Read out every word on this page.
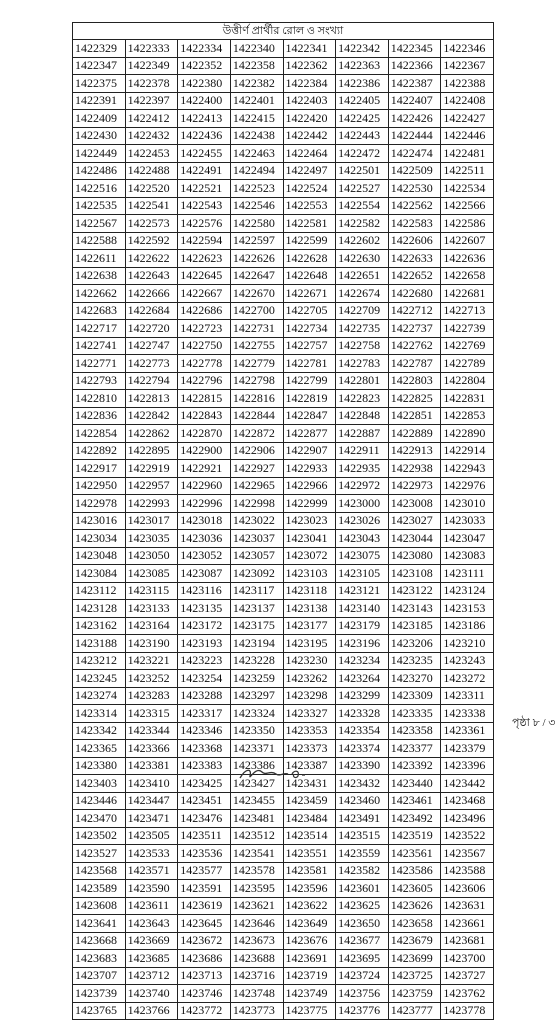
উত্তীর্ণ প্রার্থীর রোল ও সংখ্যা
1422329	1422333	1422334	1422340	1422341	1422342	1422345	1422346
1422347	1422349	1422352	1422358	1422362	1422363	1422366	1422367
1422375	1422378	1422380	1422382	1422384	1422386	1422387	1422388
1422391	1422397	1422400	1422401	1422403	1422405	1422407	1422408
1422409	1422412	1422413	1422415	1422420	1422425	1422426	1422427
1422430	1422432	1422436	1422438	1422442	1422443	1422444	1422446
1422449	1422453	1422455	1422463	1422464	1422472	1422474	1422481
1422486	1422488	1422491	1422494	1422497	1422501	1422509	1422511
1422516	1422520	1422521	1422523	1422524	1422527	1422530	1422534
1422535	1422541	1422543	1422546	1422553	1422554	1422562	1422566
1422567	1422573	1422576	1422580	1422581	1422582	1422583	1422586
1422588	1422592	1422594	1422597	1422599	1422602	1422606	1422607
1422611	1422622	1422623	1422626	1422628	1422630	1422633	1422636
1422638	1422643	1422645	1422647	1422648	1422651	1422652	1422658
1422662	1422666	1422667	1422670	1422671	1422674	1422680	1422681
1422683	1422684	1422686	1422700	1422705	1422709	1422712	1422713
1422717	1422720	1422723	1422731	1422734	1422735	1422737	1422739
1422741	1422747	1422750	1422755	1422757	1422758	1422762	1422769
1422771	1422773	1422778	1422779	1422781	1422783	1422787	1422789
1422793	1422794	1422796	1422798	1422799	1422801	1422803	1422804
1422810	1422813	1422815	1422816	1422819	1422823	1422825	1422831
1422836	1422842	1422843	1422844	1422847	1422848	1422851	1422853
1422854	1422862	1422870	1422872	1422877	1422887	1422889	1422890
1422892	1422895	1422900	1422906	1422907	1422911	1422913	1422914
1422917	1422919	1422921	1422927	1422933	1422935	1422938	1422943
1422950	1422957	1422960	1422965	1422966	1422972	1422973	1422976
1422978	1422993	1422996	1422998	1422999	1423000	1423008	1423010
1423016	1423017	1423018	1423022	1423023	1423026	1423027	1423033
1423034	1423035	1423036	1423037	1423041	1423043	1423044	1423047
1423048	1423050	1423052	1423057	1423072	1423075	1423080	1423083
1423084	1423085	1423087	1423092	1423103	1423105	1423108	1423111
1423112	1423115	1423116	1423117	1423118	1423121	1423122	1423124
1423128	1423133	1423135	1423137	1423138	1423140	1423143	1423153
1423162	1423164	1423172	1423175	1423177	1423179	1423185	1423186
1423188	1423190	1423193	1423194	1423195	1423196	1423206	1423210
1423212	1423221	1423223	1423228	1423230	1423234	1423235	1423243
1423245	1423252	1423254	1423259	1423262	1423264	1423270	1423272
1423274	1423283	1423288	1423297	1423298	1423299	1423309	1423311
1423314	1423315	1423317	1423324	1423327	1423328	1423335	1423338
1423342	1423344	1423346	1423350	1423353	1423354	1423358	1423361
1423365	1423366	1423368	1423371	1423373	1423374	1423377	1423379
1423380	1423381	1423383	1423386	1423387	1423390	1423392	1423396
1423403	1423410	1423425	1423427	1423431	1423432	1423440	1423442
1423446	1423447	1423451	1423455	1423459	1423460	1423461	1423468
1423470	1423471	1423476	1423481	1423484	1423491	1423492	1423496
1423502	1423505	1423511	1423512	1423514	1423515	1423519	1423522
1423527	1423533	1423536	1423541	1423551	1423559	1423561	1423567
1423568	1423571	1423577	1423578	1423581	1423582	1423586	1423588
1423589	1423590	1423591	1423595	1423596	1423601	1423605	1423606
1423608	1423611	1423619	1423621	1423622	1423625	1423626	1423631
1423641	1423643	1423645	1423646	1423649	1423650	1423658	1423661
1423668	1423669	1423672	1423673	1423676	1423677	1423679	1423681
1423683	1423685	1423686	1423688	1423691	1423695	1423699	1423700
1423707	1423712	1423713	1423716	1423719	1423724	1423725	1423727
1423739	1423740	1423746	1423748	1423749	1423756	1423759	1423762
1423765	1423766	1423772	1423773	1423775	1423776	1423777	1423778
পৃষ্ঠা ৮ / ৩
